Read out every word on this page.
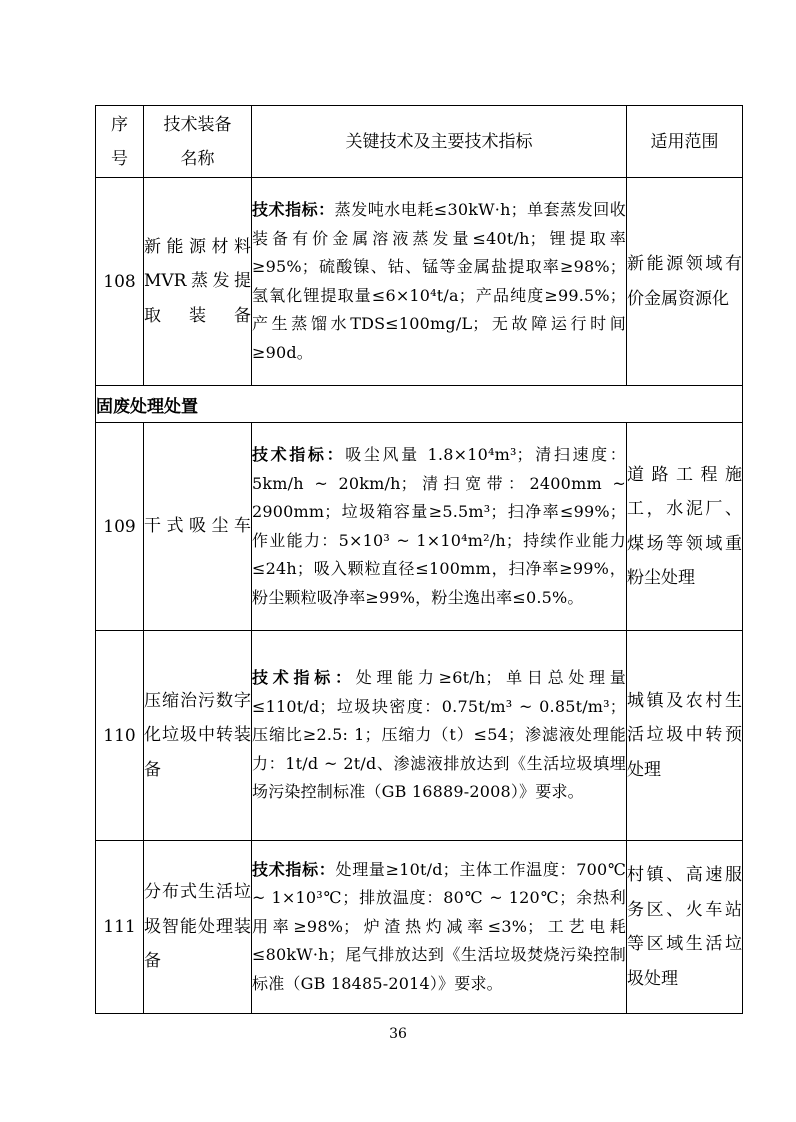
序号	技术装备名称	关键技术及主要技术指标	适用范围
108	新能源材料MVR蒸发提取装备	技术指标：蒸发吨水电耗≤30kW·h；单套蒸发回收装备有价金属溶液蒸发量≤40t/h；锂提取率≥95%；硫酸镍、钴、锰等金属盐提取率≥98%；氢氧化锂提取量≤6×10⁴t/a；产品纯度≥99.5%；产生蒸馏水TDS≤100mg/L；无故障运行时间≥90d。	新能源领域有价金属资源化
固废处理处置			
109	干式吸尘车	技术指标：吸尘风量 1.8×10⁴m³；清扫速度：5km/h ~ 20km/h；清扫宽带：2400mm ~ 2900mm；垃圾箱容量≥5.5m³；扫净率≤99%；作业能力：5×10³ ~ 1×10⁴m²/h；持续作业能力≤24h；吸入颗粒直径≤100mm，扫净率≥99%，粉尘颗粒吸净率≥99%，粉尘逸出率≤0.5%。	道路工程施工，水泥厂、煤场等领域重粉尘处理
110	压缩治污数字化垃圾中转装备	技术指标：处理能力≥6t/h；单日总处理量≤110t/d；垃圾块密度：0.75t/m³ ~ 0.85t/m³；压缩比≥2.5: 1；压缩力（t）≤54；渗滤液处理能力：1t/d ~ 2t/d、渗滤液排放达到《生活垃圾填埋场污染控制标准（GB 16889-2008）》要求。	城镇及农村生活垃圾中转预处理
111	分布式生活垃圾智能处理装备	技术指标：处理量≥10t/d；主体工作温度：700℃ ~ 1×10³℃；排放温度：80℃ ~ 120℃；余热利用率≥98%；炉渣热灼减率≤3%；工艺电耗≤80kW·h；尾气排放达到《生活垃圾焚烧污染控制标准（GB 18485-2014）》要求。	村镇、高速服务区、火车站等区域生活垃圾处理
36
